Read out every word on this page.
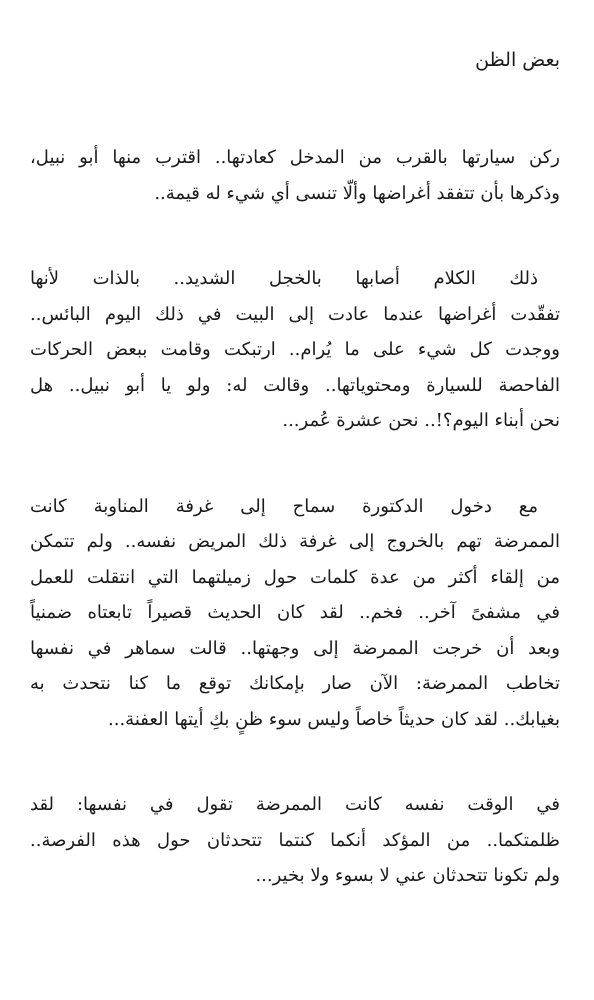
بعض الظن

ركن سيارتها بالقرب من المدخل كعادتها.. اقترب منها أبو نبيل،
وذكرها بأن تتفقد أغراضها وألّا تنسى أي شيء له قيمة..

ذلك الكلام أصابها بالخجل الشديد.. بالذات لأنها
تفقّدت أغراضها عندما عادت إلى البيت في ذلك اليوم البائس..
ووجدت كل شيء على ما يُرام.. ارتبكت وقامت ببعض الحركات
الفاحصة للسيارة ومحتوياتها.. وقالت له: ولو يا أبو نبيل.. هل
نحن أبناء اليوم؟!.. نحن عشرة عُمر...

مع دخول الدكتورة سماح إلى غرفة المناوبة كانت
الممرضة تهم بالخروج إلى غرفة ذلك المريض نفسه.. ولم تتمكن
من إلقاء أكثر من عدة كلمات حول زميلتهما التي انتقلت للعمل
في مشفىً آخر.. فخم.. لقد كان الحديث قصيراً تابعتاه ضمنياً
وبعد أن خرجت الممرضة إلى وجهتها.. قالت سماهر في نفسها
تخاطب الممرضة: الآن صار بإمكانك توقع ما كنا نتحدث به
بغيابك.. لقد كان حديثاً خاصاً وليس سوء ظنٍ بكِ أيتها العفنة...

في الوقت نفسه كانت الممرضة تقول في نفسها: لقد
ظلمتكما.. من المؤكد أنكما كنتما تتحدثان حول هذه الفرصة..
ولم تكونا تتحدثان عني لا بسوء ولا بخير...
